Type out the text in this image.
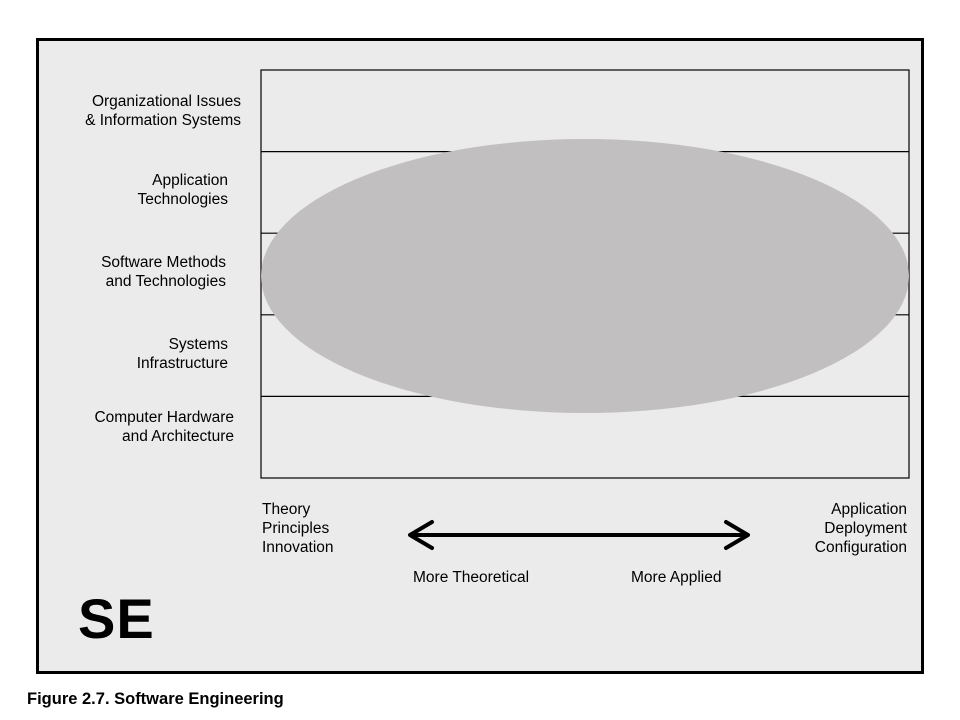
Organizational Issues
& Information Systems
Application
Technologies
Software Methods
and Technologies
Systems
Infrastructure
Computer Hardware
and Architecture
Theory
Principles
Innovation
Application
Deployment
Configuration
More Theoretical	More Applied
SE
Figure 2.7. Software Engineering
